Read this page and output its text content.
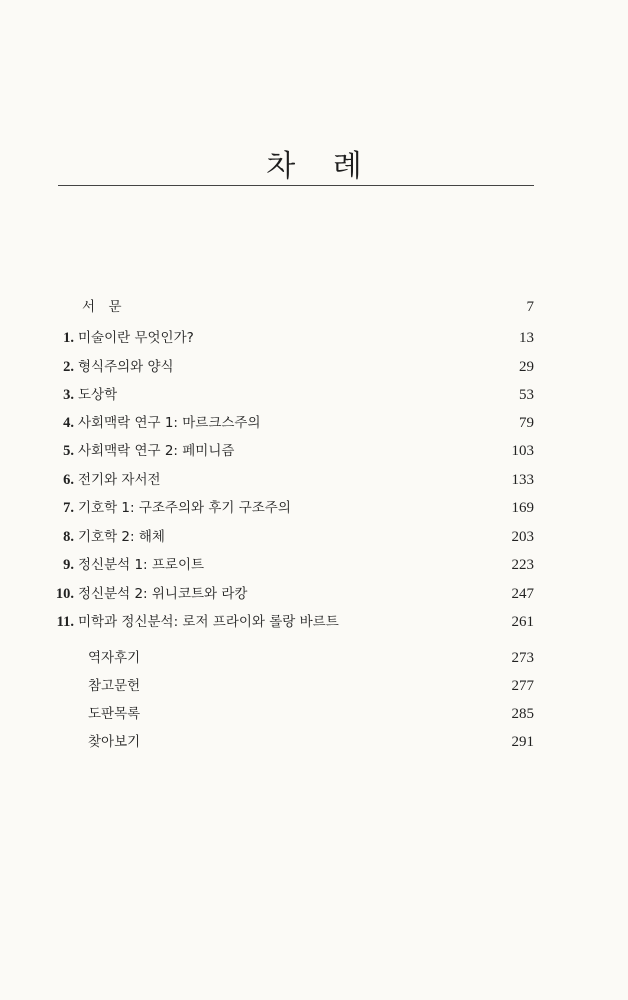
차 례
서　문	7
1. 미술이란 무엇인가?	13
2. 형식주의와 양식	29
3. 도상학	53
4. 사회맥락 연구 1: 마르크스주의	79
5. 사회맥락 연구 2: 페미니즘	103
6. 전기와 자서전	133
7. 기호학 1: 구조주의와 후기 구조주의	169
8. 기호학 2: 해체	203
9. 정신분석 1: 프로이트	223
10. 정신분석 2: 위니코트와 라캉	247
11. 미학과 정신분석: 로저 프라이와 롤랑 바르트	261
역자후기	273
참고문헌	277
도판목록	285
찾아보기	291
